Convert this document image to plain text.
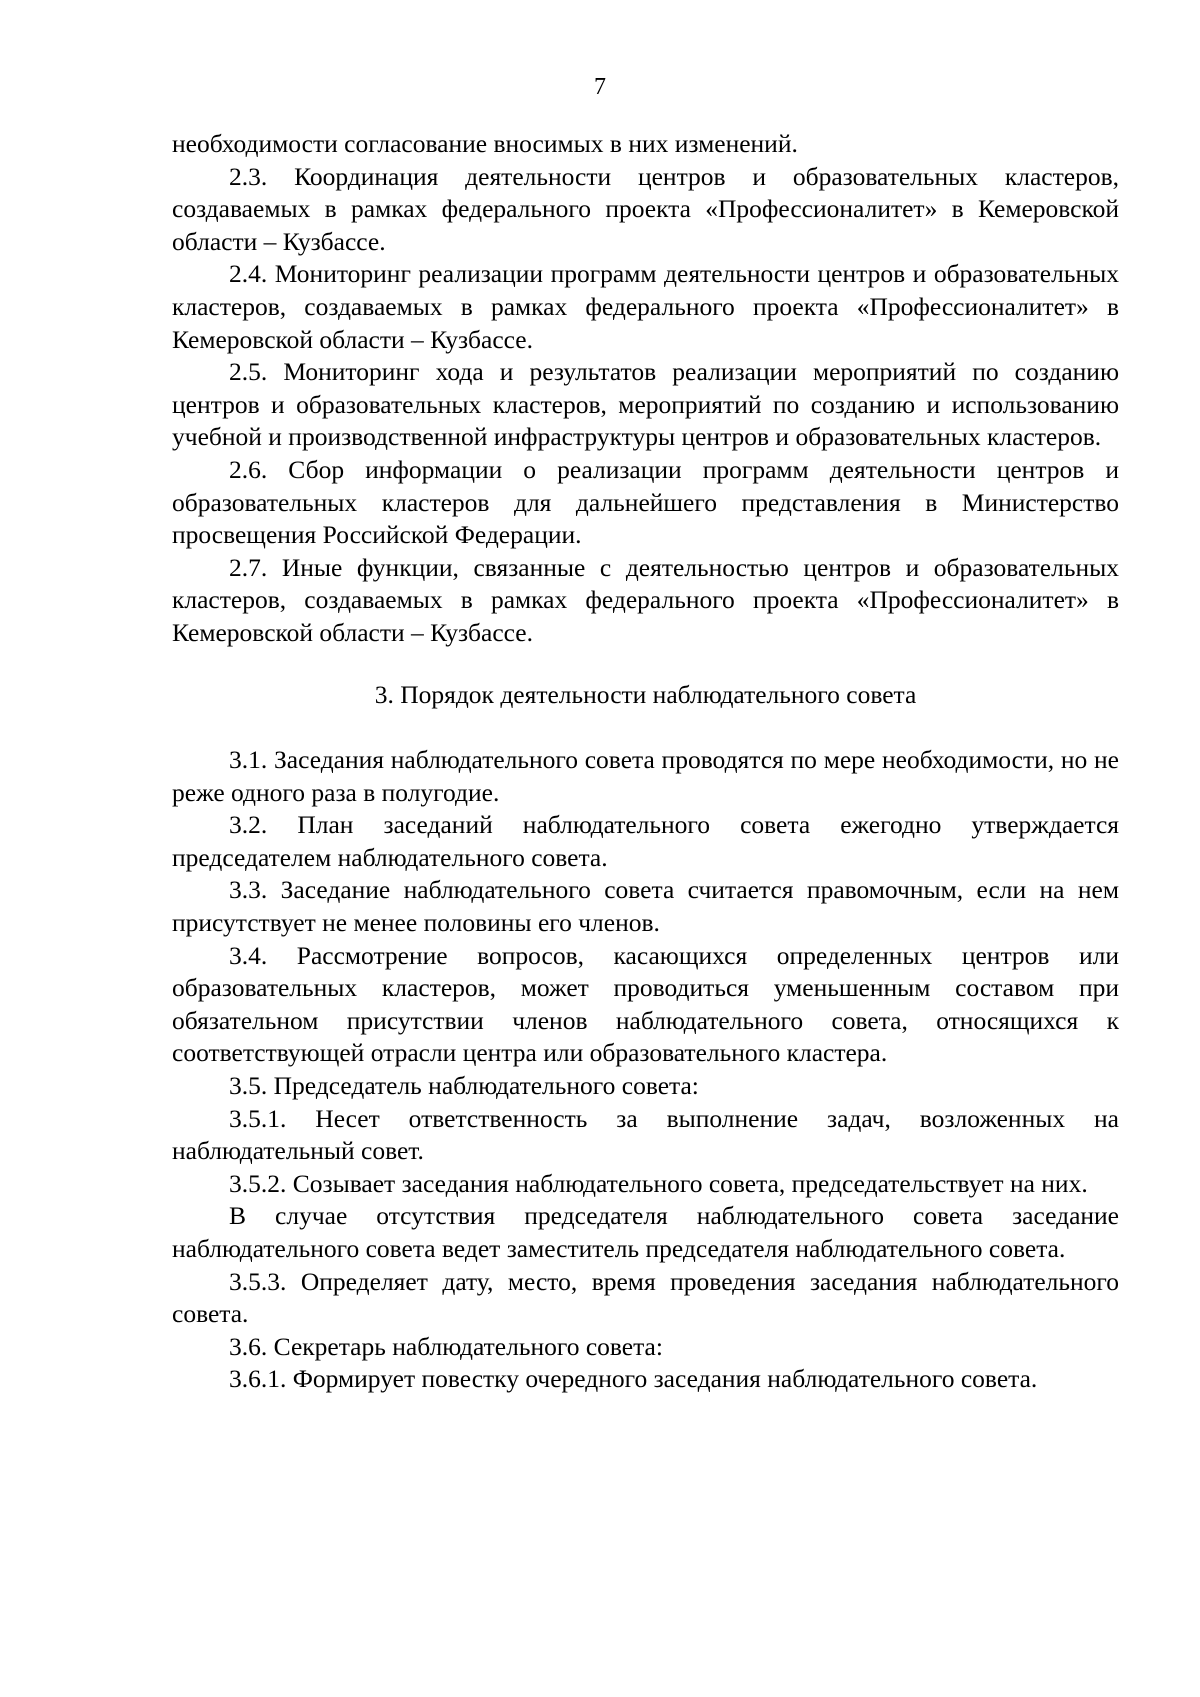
7

необходимости согласование вносимых в них изменений.

2.3. Координация деятельности центров и образовательных кластеров, создаваемых в рамках федерального проекта «Профессионалитет» в Кемеровской области – Кузбассе.

2.4. Мониторинг реализации программ деятельности центров и образовательных кластеров, создаваемых в рамках федерального проекта «Профессионалитет» в Кемеровской области – Кузбассе.

2.5. Мониторинг хода и результатов реализации мероприятий по созданию центров и образовательных кластеров, мероприятий по созданию и использованию учебной и производственной инфраструктуры центров и образовательных кластеров.

2.6. Сбор информации о реализации программ деятельности центров и образовательных кластеров для дальнейшего представления в Министерство просвещения Российской Федерации.

2.7. Иные функции, связанные с деятельностью центров и образовательных кластеров, создаваемых в рамках федерального проекта «Профессионалитет» в Кемеровской области – Кузбассе.

3. Порядок деятельности наблюдательного совета

3.1. Заседания наблюдательного совета проводятся по мере необходимости, но не реже одного раза в полугодие.

3.2. План заседаний наблюдательного совета ежегодно утверждается председателем наблюдательного совета.

3.3. Заседание наблюдательного совета считается правомочным, если на нем присутствует не менее половины его членов.

3.4. Рассмотрение вопросов, касающихся определенных центров или образовательных кластеров, может проводиться уменьшенным составом при обязательном присутствии членов наблюдательного совета, относящихся к соответствующей отрасли центра или образовательного кластера.

3.5. Председатель наблюдательного совета:

3.5.1. Несет ответственность за выполнение задач, возложенных на наблюдательный совет.

3.5.2. Созывает заседания наблюдательного совета, председательствует на них.

В случае отсутствия председателя наблюдательного совета заседание наблюдательного совета ведет заместитель председателя наблюдательного совета.

3.5.3. Определяет дату, место, время проведения заседания наблюдательного совета.

3.6. Секретарь наблюдательного совета:

3.6.1. Формирует повестку очередного заседания наблюдательного совета.
